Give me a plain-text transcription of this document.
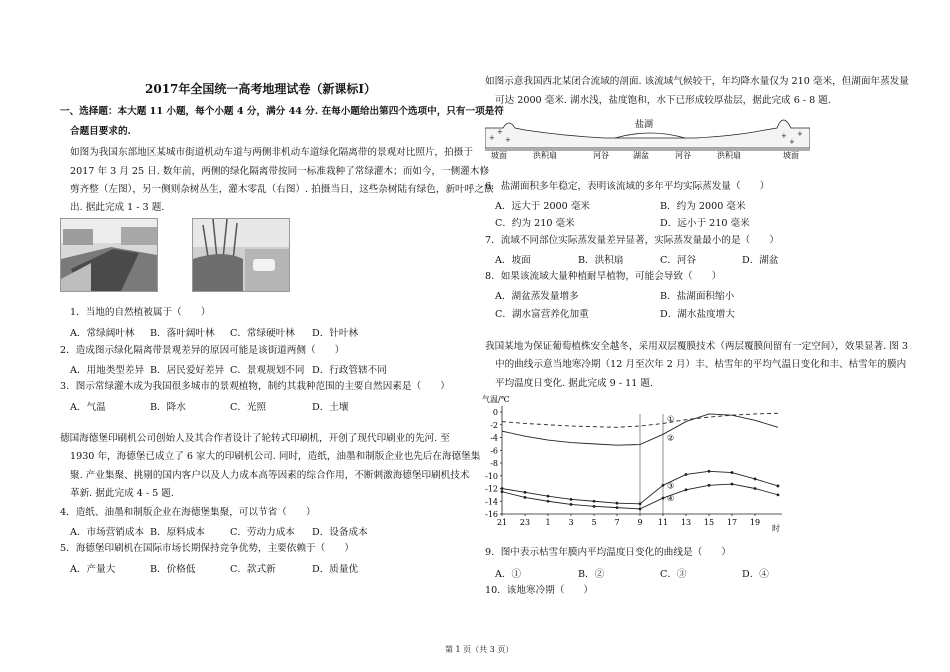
2017年全国统一高考地理试卷（新课标Ⅰ）
一、选择题：本大题 11 小题，每个小题 4 分，满分 44 分. 在每小题给出第四个选项中，只有一项是符
合题目要求的.
如图为我国东部地区某城市街道机动车道与两侧非机动车道绿化隔离带的景观对比照片，拍摄于
2017 年 3 月 25 日. 数年前，两侧的绿化隔离带按同一标准栽种了常绿灌木；而如今，一侧灌木修
剪齐整（左图），另一侧则杂树丛生，灌木零乱（右图）. 拍摄当日，这些杂树陆有绿色，新叶呼之欲
出. 据此完成 1 - 3 题.
1．当地的自然植被属于（　　）
A．常绿阔叶林 B．落叶阔叶林 C．常绿硬叶林 D．针叶林
2．造成图示绿化隔离带景观差异的原因可能是该街道两侧（　　）
A．用地类型差异 B．居民爱好差异 C．景观规划不同 D．行政管辖不同
3．图示常绿灌木成为我国很多城市的景观植物，制约其栽种范围的主要自然因素是（　　）
A．气温	B．降水	C．光照	D．土壤
德国海德堡印刷机公司创始人及其合作者设计了轮转式印刷机，开创了现代印刷业的先河. 至
1930 年，海德堡已成立了 6 家大的印刷机公司. 同时，造纸，油墨和制版企业也先后在海德堡集
聚. 产业集聚、挑剔的国内客户以及人力成本高等因素的综合作用，不断刺激海德堡印刷机技术
革新. 据此完成 4 - 5 题.
4．造纸、油墨和制版企业在海德堡集聚，可以节省（　　）
A．市场营销成本 B．原料成本	C．劳动力成本 D．设备成本
5．海德堡印刷机在国际市场长期保持竞争优势，主要依赖于（　　）
A．产量大	B．价格低	C．款式新	D．质量优
如图示意我国西北某闭合流域的剖面. 该流域气候较干，年均降水量仅为 210 毫米，但湖面年蒸发量
可达 2000 毫米. 湖水浅，盐度饱和，水下已形成较厚盐层，据此完成 6 - 8 题.
+
+
+	+
+
+
盐湖
坡面	洪积扇	河谷	湖盆	河谷	洪积扇	坡面
6．盐湖面积多年稳定，表明该流域的多年平均实际蒸发量（　　）
A．远大于 2000 毫米	B．约为 2000 毫米
C．约为 210 毫米	D．远小于 210 毫米
7．流域不同部位实际蒸发量差异显著，实际蒸发量最小的是（　　）
A．坡面	B．洪积扇	C．河谷	D．湖盆
8．如果该流域大量种植耐旱植物，可能会导致（　　）
A．湖盆蒸发量增多	B．盐湖面积缩小
C．湖水富营养化加重	D．湖水盐度增大
我国某地为保证葡萄植株安全越冬，采用双层覆膜技术（两层覆膜间留有一定空间），效果显著. 图 3
中的曲线示意当地寒冷期（12 月至次年 2 月）丰、枯雪年的平均气温日变化和丰、枯雪年的膜内
平均温度日变化. 据此完成 9 - 11 题.
气温/℃
①
②
③
④
0
-2
-4
-6
-8
-10
-12
-14
-16
21 23 1 3 5 7 9 11 13 15 17 19
时
9．图中表示枯雪年膜内平均温度日变化的曲线是（　　）
A．①	B．②	C．③	D．④
10．该地寒冷期（　　）
第 1 页（共 3 页）
